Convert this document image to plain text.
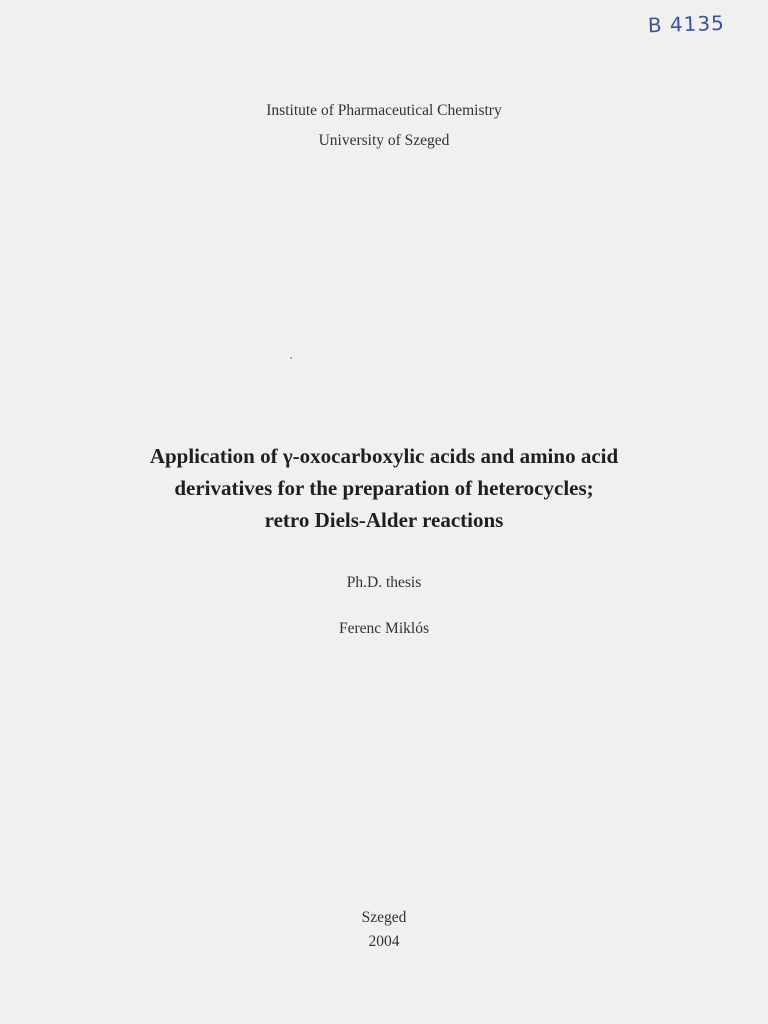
B 4135
Institute of Pharmaceutical Chemistry
University of Szeged
Application of γ-oxocarboxylic acids and amino acid
derivatives for the preparation of heterocycles;
retro Diels-Alder reactions
Ph.D. thesis
Ferenc Miklós
Szeged
2004
